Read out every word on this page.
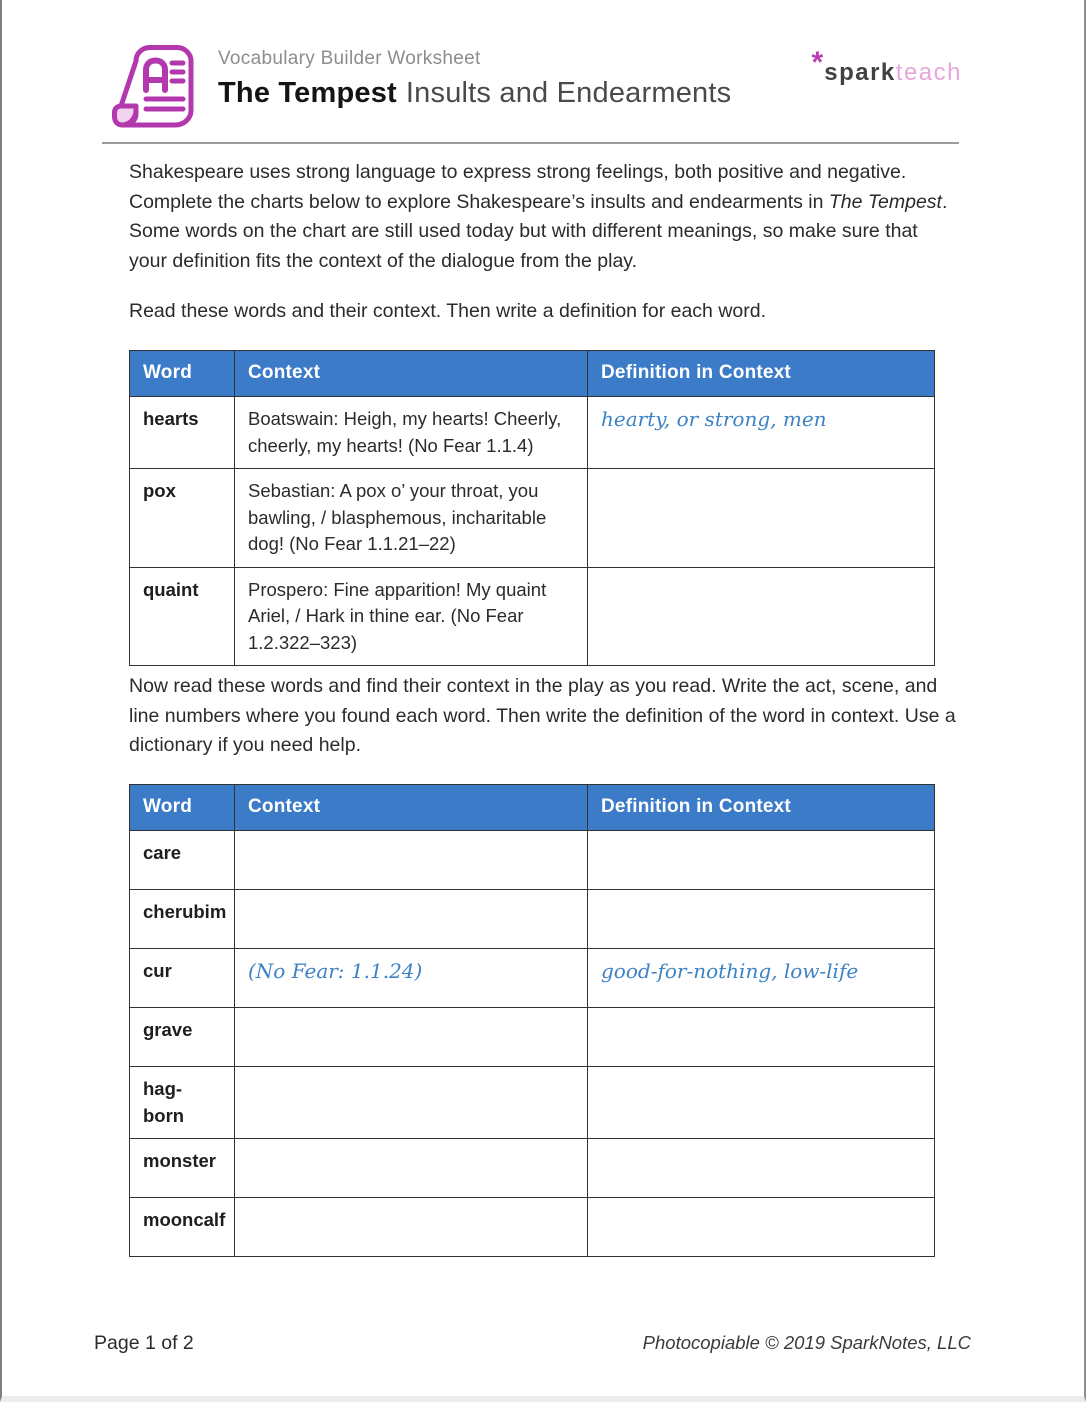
Vocabulary Builder Worksheet
The Tempest Insults and Endearments
*sparkteach

Shakespeare uses strong language to express strong feelings, both positive and negative. Complete the charts below to explore Shakespeare’s insults and endearments in The Tempest. Some words on the chart are still used today but with different meanings, so make sure that your definition fits the context of the dialogue from the play.

Read these words and their context. Then write a definition for each word.

Word	Context	Definition in Context
hearts	Boatswain: Heigh, my hearts! Cheerly, cheerly, my hearts! (No Fear 1.1.4)	hearty, or strong, men
pox	Sebastian: A pox o’ your throat, you bawling, / blasphemous, incharitable dog! (No Fear 1.1.21–22)	
quaint	Prospero: Fine apparition! My quaint Ariel, / Hark in thine ear. (No Fear 1.2.322–323)	

Now read these words and find their context in the play as you read. Write the act, scene, and line numbers where you found each word. Then write the definition of the word in context. Use a dictionary if you need help.

Word	Context	Definition in Context
care		
cherubim		
cur	(No Fear: 1.1.24)	good-for-nothing, low-life
grave		
hag-born		
monster		
mooncalf		
Page 1 of 2	Photocopiable © 2019 SparkNotes, LLC
